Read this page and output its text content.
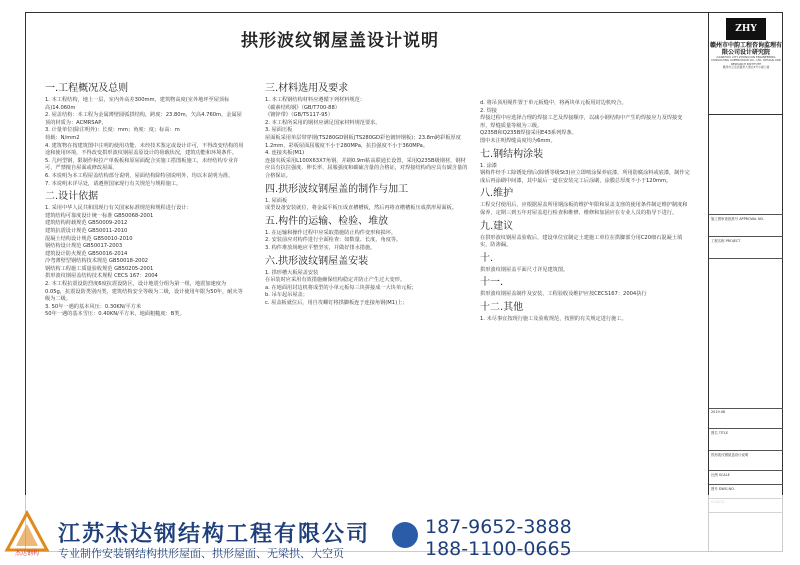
拱形波纹钢屋盖设计说明
一.工程概况及总则

1. 本工程结构，地上一层，室内外高差300mm，建筑物高度(室外地坪至屋顶标高)14.060m

2. 屋盖结构：本工程为金属薄壁圆弧拱结构，跨度：23.80m，矢高4.760m，金属屋顶的材质为：ACMRSAP。

3. 计量单位(除注明外)：长度：mm；角度：度；标高：m

荷载：N/mm2

4. 建筑物在按建筑图中注明的使用功能、未经技术鉴定或设计许可，不得改变结构的用途和使用环境，不得改变拱形波纹钢屋盖原设计的荷载状况，建筑功能和环境条件。

5. 几何型钢，限制作和拉产单板板和原屋面配合实施工搭图板施工，未经结构专业许可，严禁擅自屋面或修改屋面。

6. 本说明为本工程屋盖结构部分说明，屋面结构除特别说明外，均以本说明为准。

7. 本说明未详尽处，请遵照国家现行有关规范与规程施工。

二.设计依据

1. 采用中华人民共和国现行有关国家标准规范和规程进行设计：

建筑结构可靠度设计统一标准 GB50068-2001

建筑结构荷载规范 GB50009-2012

建筑抗震设计规范 GB50011-2010

混凝土结构设计规范 GB50010-2010

钢结构设计规范 GB50017-2003

建筑设计防火规范 GB50016-2014

冷弯薄壁型钢结构技术规范 GB50018-2002

钢结构工程施工质量验收规范 GB50205-2001

拱形波纹钢屋盖结构技术规程 CECS 167：2004

2. 本工程抗震设防烈度6度抗震设防区，设计地震分组为第一组，地震加速度为0.05g，抗震设防类别丙类，建筑结构安全等级为二级，设计使用年限为50年，耐火等级为二级。

3. 50年一遇的基本风压：0.30KN/平方米

50年一遇的基本雪压：0.40KN/平方米，地面粗糙度：B类。

三.材料选用及要求

1. 本工程钢结构材料应遵循下列材料规范：

《碳素结构钢》（GB/T700-88）

《镀锌带》（GB/T5117-95）

2. 本工程所采用的钢材应满足国家材料规范要求。

3. 屋面压板

屋面板采用单层带穿钢(TS280GD钢板(TS280GD彩色镀锌钢板)；23.8m跨彩板厚度1.2mm，彩板屋面屈服度不小于280MPa，抗拉强度不小于360MPa。

4. 连接夹板(M1)

连接夹板采用L100X63X7角钢，并刷0.9m粘高联通长设置，采用Q235B级钢材，钢材应具有抗拉强度、伸长率、屈服强度和碳硫含量的合格证，对焊接结构尚应具有碳含量的合格保证。

四.拱形波纹钢屋盖的制作与加工

1. 屋面板

成型设备安装就位，将金属平板压成直槽槽板，然后再将直槽槽板压成拱形屋面板。

五.构件的运输、检验、堆放

1. 在运输和操作过程中应采取措施防止构件变形和损坏。

2. 安装前应对构件进行全面检查：如数量、长度、角度等。

3. 构件堆放场地应平整坚实，并做好排水措施。

六.拱形波纹钢屋盖安装

1. 拱形槽大板屋盖安装

在吊装时应采用有效措施确保结构稳定并防止产生过大变形。

a. 在地面用封边机将成型的小单元板每三块拼接成一大块单元板；

b. 吊车起吊屋盖；

c. 屋盖板就位后，用自攻螺钉将拱脚板连于连接角钢(M1)上；

d. 将吊顶用绳件置于单元板缝中，将两块单元板用封边机咬合。

2. 焊接

焊接过程中应选择合理的焊接工艺及焊接顺序，以减小钢结构中产生的焊接应力及焊接变形，焊缝质量等级为三级。

Q235B和Q235B焊接采用E43系列焊条。

图中未注明焊缝高度均为6mm。

七.钢结构涂装

1. 涂漆

钢构件经手工除锈处理后(除锈等级St3)应立即喷涂保养底漆，所用防腐涂料或底漆，制作完成后再涂刷中间漆，其中最后一道在安装完工后涂刷，涂膜总厚度不小于120mm。

八.维护

工程交付使用后，应根据屋盖所用钢涂板的维护年限和屋盖支座的使用条件制定维护制度和保养，定期三到五年对屋盖进行检查和维修，维修和加固应在专业人员的指导下进行。

九.建议

在拱形波纹钢屋盖验收后，建设单位宜制定土建施工单位在拱脚部分用C20细石混凝土填实，防渗漏。

十.

拱形波纹钢屋盖平面尺寸详见建筑图。

十一.

拱形波纹钢屋盖制作及安装、工程验收及维护应按CECS167：2004执行

十二.其他

1. 未尽事宜按现行施工及验收规范，按照的有关规定进行施工。

ZHY
赣州市中韵工程咨询监理有限公司设计研究院
GANZHOU CITY ZHONGYUN ENGINEERING CONSULTING SUPERVISION CO., LTD. DESIGN AND RESEARCH INSTITUTE
赣州市章贡区赣州大道北4号小楼门楼
施工图审查批准号 APPROVAL NO.
工程名称 PROJECT
2019.08
图名 TITLE
拱形波纹钢屋盖设计说明
比例 SCALE
图号 DWG NO.
杰达钢构
江苏杰达钢结构工程有限公司
专业制作安装钢结构拱形屋面、拱形屋面、无梁拱、大空页
187-9652-3888
188-1100-0665
